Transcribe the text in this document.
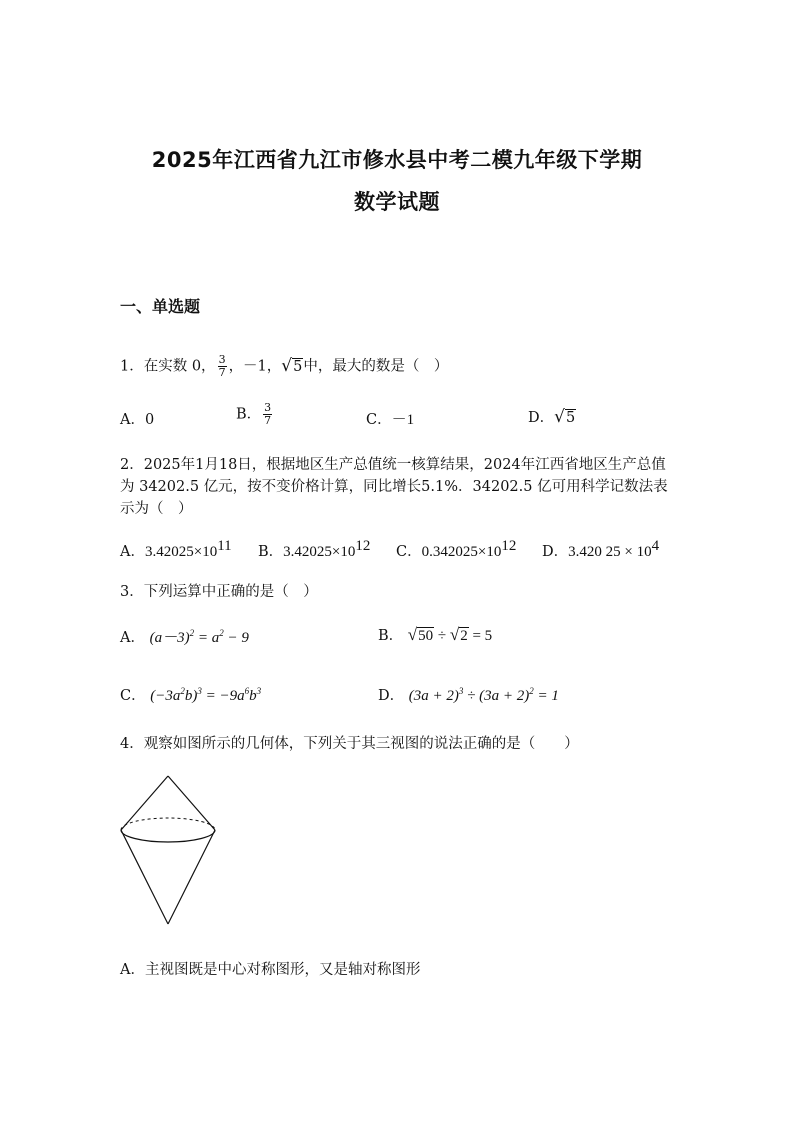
2025年江西省九江市修水县中考二模九年级下学期
数学试题
一、单选题
1．在实数 0， $\frac{3}{7}$ ，－1，√5中，最大的数是（　）
A．0	B． $\frac{3}{7}$	C．－1	D．√5
2．2025年1月18日，根据地区生产总值统一核算结果，2024年江西省地区生产总值为 34202.5 亿元，按不变价格计算，同比增长5.1%．34202.5 亿可用科学记数法表示为（　）
A．$3.42025\times 10^{11}$ B．$3.42025\times 10^{12}$ C．$0.342025\times 10^{12}$ D．3.420 $25 \times 10^4$
3．下列运算中正确的是（　）
A． $(a-3)^2 = a^2 - 9$	B． √50 ÷ √2 = 5
C． $(-3a^2b)^3 = -9a^6b^3$	D． $(3a + 2)^3 \div (3a + 2)^2 = 1$
4．观察如图所示的几何体，下列关于其三视图的说法正确的是（　　）
A．主视图既是中心对称图形，又是轴对称图形
